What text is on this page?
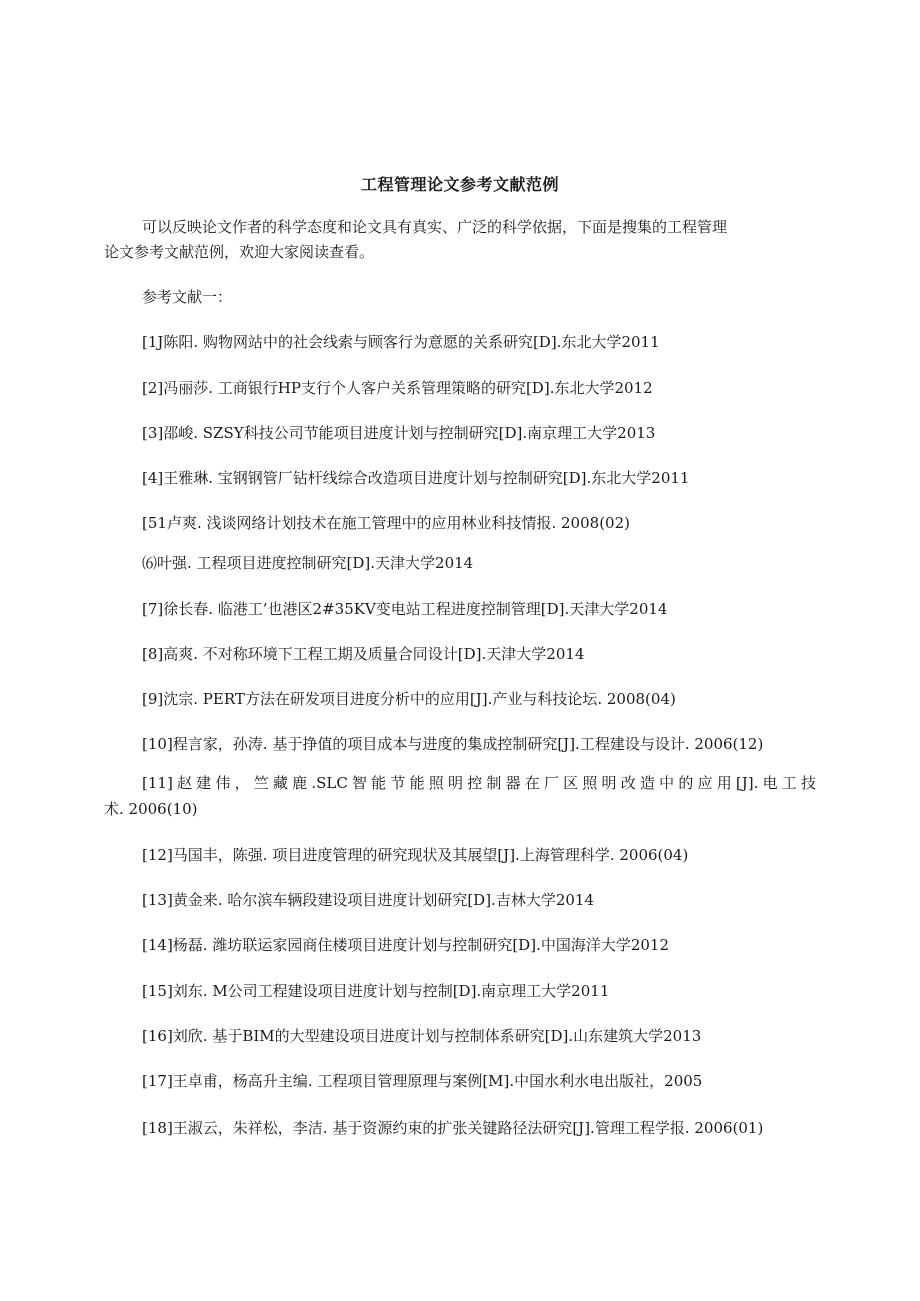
工程管理论文参考文献范例
可以反映论文作者的科学态度和论文具有真实、广泛的科学依据，下面是搜集的工程管理
论文参考文献范例，欢迎大家阅读查看。
参考文献一：
[1J陈阳. 购物网站中的社会线索与顾客行为意愿的关系研究[D].东北大学2011
[2]冯丽莎. 工商银行HP支行个人客户关系管理策略的研究[D].东北大学2012
[3]邵峻. SZSY科技公司节能项目进度计划与控制研究[D].南京理工大学2013
[4]王雅琳. 宝钢钢管厂钻杆线综合改造项目进度计划与控制研究[D].东北大学2011
[51卢爽. 浅谈网络计划技术在施工管理中的应用林业科技情报. 2008(02)
⑹叶强. 工程项目进度控制研究[D].天津大学2014
[7]徐长春. 临港工’也港区2#35KV变电站工程进度控制管理[D].天津大学2014
[8]高爽. 不对称环境下工程工期及质量合同设计[D].天津大学2014
[9]沈宗. PERT方法在研发项目进度分析中的应用[J].产业与科技论坛. 2008(04)
[10]程言家，孙涛. 基于挣值的项目成本与进度的集成控制研究[J].工程建设与设计. 2006(12)
[11]赵建伟，竺藏鹿.SLC智能节能照明控制器在厂区照明改造中的应用[J].电工技
术. 2006(10)
[12]马国丰，陈强. 项目进度管理的研究现状及其展望[J].上海管理科学. 2006(04)
[13]黄金来. 哈尔滨车辆段建设项目进度计划研究[D].吉林大学2014
[14]杨磊. 潍坊联运家园商住楼项目进度计划与控制研究[D].中国海洋大学2012
[15]刘东. M公司工程建设项目进度计划与控制[D].南京理工大学2011
[16]刘欣. 基于BIM的大型建设项目进度计划与控制体系研究[D].山东建筑大学2013
[17]王卓甫，杨高升主编. 工程项目管理原理与案例[M].中国水利水电出版社，2005
[18]王淑云，朱祥松，李洁. 基于资源约束的扩张关键路径法研究[J].管理工程学报. 2006(01)
